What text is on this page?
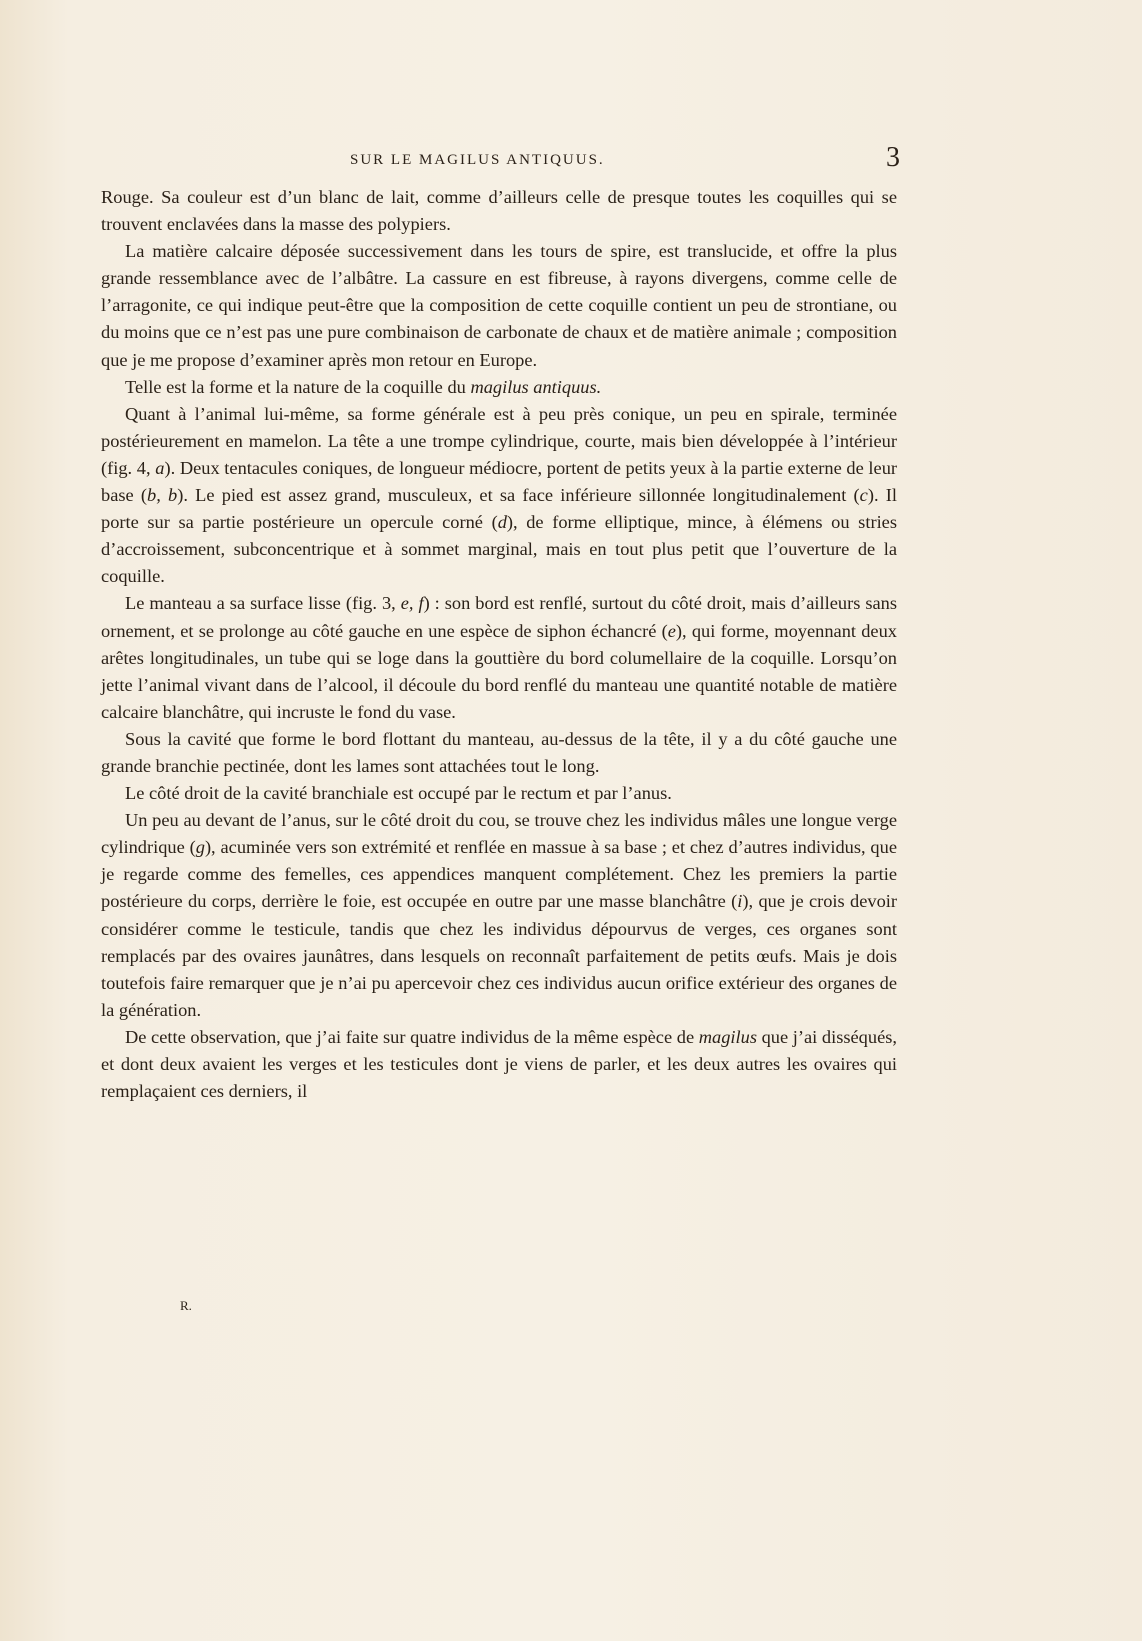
SUR LE MAGILUS ANTIQUUS.	3

Rouge. Sa couleur est d’un blanc de lait, comme d’ailleurs celle de presque toutes les coquilles qui se trouvent enclavées dans la masse des polypiers.

La matière calcaire déposée successivement dans les tours de spire, est translucide, et offre la plus grande ressemblance avec de l’albâtre. La cassure en est fibreuse, à rayons divergens, comme celle de l’arragonite, ce qui indique peut-être que la composition de cette coquille contient un peu de strontiane, ou du moins que ce n’est pas une pure combinaison de carbonate de chaux et de matière animale ; composition que je me propose d’examiner après mon retour en Europe.

Telle est la forme et la nature de la coquille du magilus antiquus.

Quant à l’animal lui-même, sa forme générale est à peu près conique, un peu en spirale, terminée postérieurement en mamelon. La tête a une trompe cylindrique, courte, mais bien développée à l’intérieur (fig. 4, a). Deux tentacules coniques, de longueur médiocre, portent de petits yeux à la partie externe de leur base (b, b). Le pied est assez grand, musculeux, et sa face inférieure sillonnée longitudinalement (c). Il porte sur sa partie postérieure un opercule corné (d), de forme elliptique, mince, à élémens ou stries d’accroissement, subconcentrique et à sommet marginal, mais en tout plus petit que l’ouverture de la coquille.

Le manteau a sa surface lisse (fig. 3, e, f) : son bord est renflé, surtout du côté droit, mais d’ailleurs sans ornement, et se prolonge au côté gauche en une espèce de siphon échancré (e), qui forme, moyennant deux arêtes longitudinales, un tube qui se loge dans la gouttière du bord columellaire de la coquille. Lorsqu’on jette l’animal vivant dans de l’alcool, il découle du bord renflé du manteau une quantité notable de matière calcaire blanchâtre, qui incruste le fond du vase.

Sous la cavité que forme le bord flottant du manteau, au-dessus de la tête, il y a du côté gauche une grande branchie pectinée, dont les lames sont attachées tout le long.

Le côté droit de la cavité branchiale est occupé par le rectum et par l’anus.

Un peu au devant de l’anus, sur le côté droit du cou, se trouve chez les individus mâles une longue verge cylindrique (g), acuminée vers son extrémité et renflée en massue à sa base ; et chez d’autres individus, que je regarde comme des femelles, ces appendices manquent complétement. Chez les premiers la partie postérieure du corps, derrière le foie, est occupée en outre par une masse blanchâtre (i), que je crois devoir considérer comme le testicule, tandis que chez les individus dépourvus de verges, ces organes sont remplacés par des ovaires jaunâtres, dans lesquels on reconnaît parfaitement de petits œufs. Mais je dois toutefois faire remarquer que je n’ai pu apercevoir chez ces individus aucun orifice extérieur des organes de la génération.

De cette observation, que j’ai faite sur quatre individus de la même espèce de magilus que j’ai disséqués, et dont deux avaient les verges et les testicules dont je viens de parler, et les deux autres les ovaires qui remplaçaient ces derniers, il

R.
